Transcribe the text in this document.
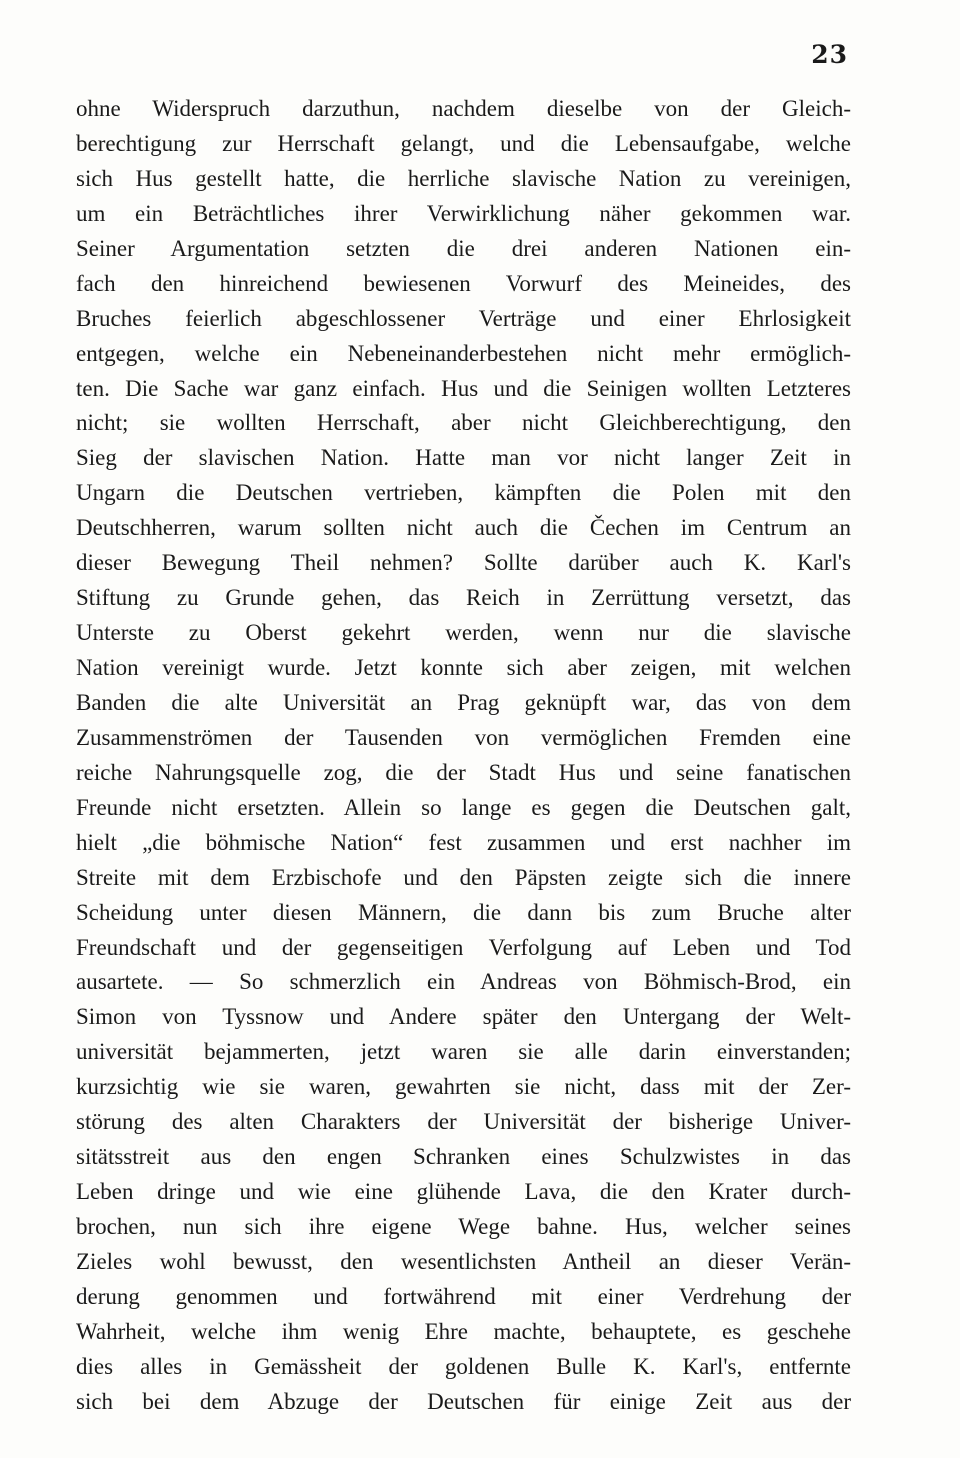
23
ohne Widerspruch darzuthun, nachdem dieselbe von der Gleich-
berechtigung zur Herrschaft gelangt, und die Lebensaufgabe, welche
sich Hus gestellt hatte, die herrliche slavische Nation zu vereinigen,
um ein Beträchtliches ihrer Verwirklichung näher gekommen war.
Seiner Argumentation setzten die drei anderen Nationen ein-
fach den hinreichend bewiesenen Vorwurf des Meineides, des
Bruches feierlich abgeschlossener Verträge und einer Ehrlosigkeit
entgegen, welche ein Nebeneinanderbestehen nicht mehr ermöglich-
ten. Die Sache war ganz einfach. Hus und die Seinigen wollten Letzteres
nicht; sie wollten Herrschaft, aber nicht Gleichberechtigung, den
Sieg der slavischen Nation. Hatte man vor nicht langer Zeit in
Ungarn die Deutschen vertrieben, kämpften die Polen mit den
Deutschherren, warum sollten nicht auch die Čechen im Centrum an
dieser Bewegung Theil nehmen? Sollte darüber auch K. Karl's
Stiftung zu Grunde gehen, das Reich in Zerrüttung versetzt, das
Unterste zu Oberst gekehrt werden, wenn nur die slavische
Nation vereinigt wurde. Jetzt konnte sich aber zeigen, mit welchen
Banden die alte Universität an Prag geknüpft war, das von dem
Zusammenströmen der Tausenden von vermöglichen Fremden eine
reiche Nahrungsquelle zog, die der Stadt Hus und seine fanatischen
Freunde nicht ersetzten. Allein so lange es gegen die Deutschen galt,
hielt „die böhmische Nation“ fest zusammen und erst nachher im
Streite mit dem Erzbischofe und den Päpsten zeigte sich die innere
Scheidung unter diesen Männern, die dann bis zum Bruche alter
Freundschaft und der gegenseitigen Verfolgung auf Leben und Tod
ausartete. — So schmerzlich ein Andreas von Böhmisch-Brod, ein
Simon von Tyssnow und Andere später den Untergang der Welt-
universität bejammerten, jetzt waren sie alle darin einverstanden;
kurzsichtig wie sie waren, gewahrten sie nicht, dass mit der Zer-
störung des alten Charakters der Universität der bisherige Univer-
sitätsstreit aus den engen Schranken eines Schulzwistes in das
Leben dringe und wie eine glühende Lava, die den Krater durch-
brochen, nun sich ihre eigene Wege bahne. Hus, welcher seines
Zieles wohl bewusst, den wesentlichsten Antheil an dieser Verän-
derung genommen und fortwährend mit einer Verdrehung der
Wahrheit, welche ihm wenig Ehre machte, behauptete, es geschehe
dies alles in Gemässheit der goldenen Bulle K. Karl's, entfernte
sich bei dem Abzuge der Deutschen für einige Zeit aus der
